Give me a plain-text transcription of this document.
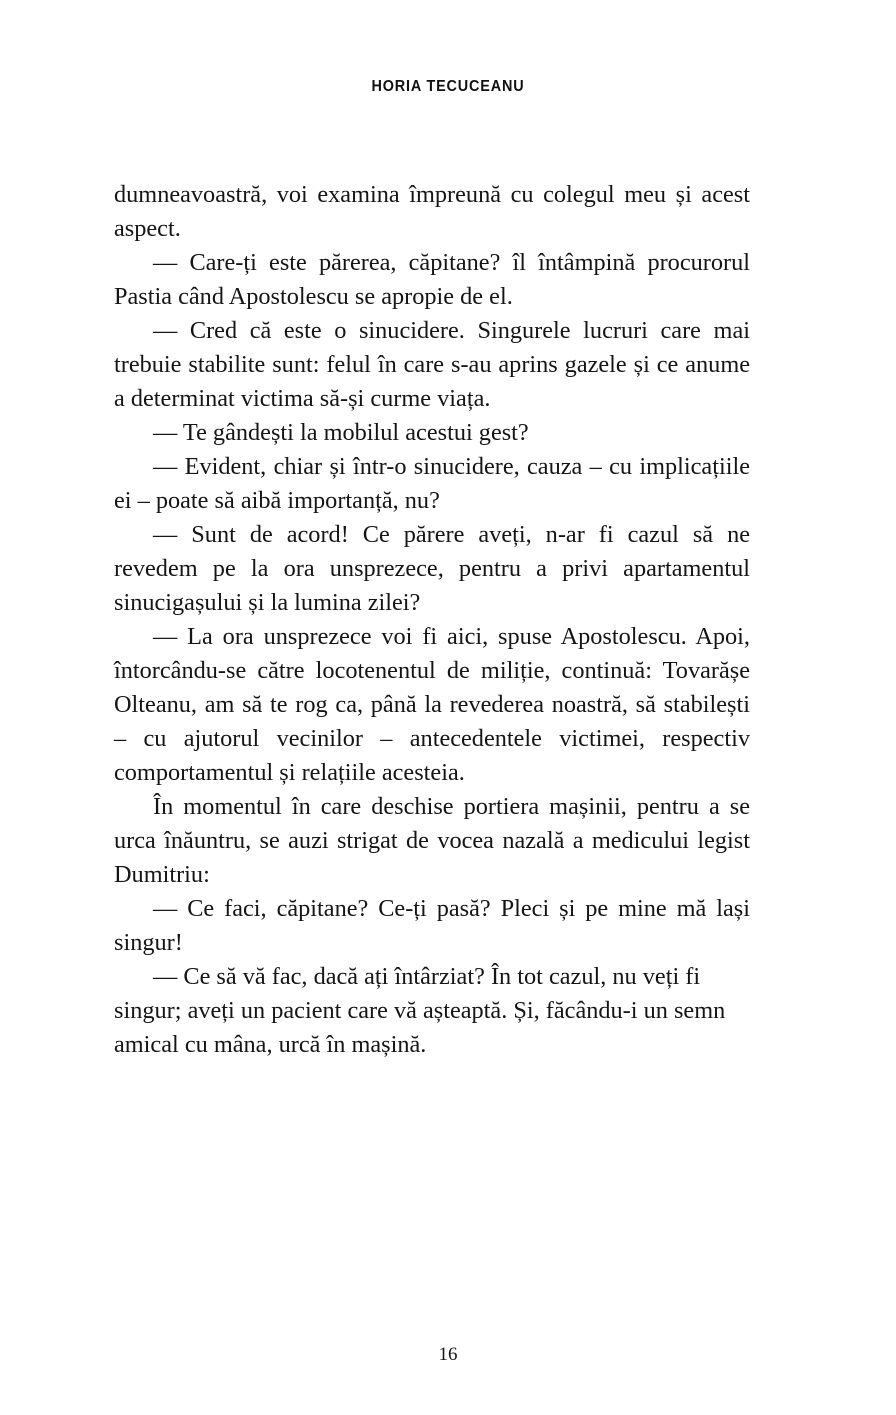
HORIA TECUCEANU

dumneavoastră, voi examina împreună cu colegul meu și acest aspect.

— Care-ți este părerea, căpitane? îl întâmpină procurorul Pastia când Apostolescu se apropie de el.

— Cred că este o sinucidere. Singurele lucruri care mai trebuie stabilite sunt: felul în care s-au aprins gazele și ce anume a determinat victima să-și curme viața.

— Te gândești la mobilul acestui gest?

— Evident, chiar și într-o sinucidere, cauza – cu implicațiile ei – poate să aibă importanță, nu?

— Sunt de acord! Ce părere aveți, n-ar fi cazul să ne revedem pe la ora unsprezece, pentru a privi apartamentul sinucigașului și la lumina zilei?

— La ora unsprezece voi fi aici, spuse Apostolescu. Apoi, întorcându-se către locotenentul de miliție, continuă: Tovarășe Olteanu, am să te rog ca, până la revederea noastră, să stabilești – cu ajutorul vecinilor – antecedentele victimei, respectiv comportamentul și relațiile acesteia.

În momentul în care deschise portiera mașinii, pentru a se urca înăuntru, se auzi strigat de vocea nazală a medicului legist Dumitriu:

— Ce faci, căpitane? Ce-ți pasă? Pleci și pe mine mă lași singur!

— Ce să vă fac, dacă ați întârziat? În tot cazul, nu veți fi singur; aveți un pacient care vă așteaptă. Și, făcându-i un semn amical cu mâna, urcă în mașină.

16
